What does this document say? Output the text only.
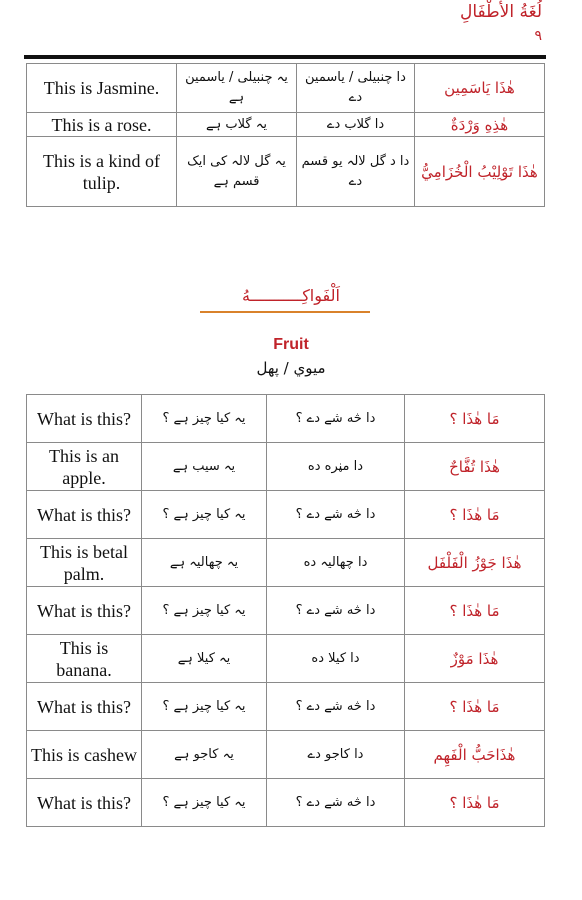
لُغَةُ الأَطْفَالِ
٩
This is Jasmine.	یہ چنبیلی / یاسمین ہے	دا چنبیلی / یاسمین دے	هٰذَا يَاسَمِين
This is a rose.	یہ گلاب ہے	دا گلاب دے	هٰذِهِ وَرْدَةٌ
This is a kind of tulip.	یہ گل لالہ کی ایک قسم ہے	دا د گل لالہ یو قسم دے	هٰذَا تَوْلِيْبُ الْخُزَامِيُّ
اَلْفَواكِـــــــــــهُ
Fruit
میوي / پھل
What is this?	یہ کیا چیز ہے ؟	دا څه شے دے ؟	مَا هٰذَا ؟
This is an apple.	یہ سیب ہے	دا مڼره ده	هٰذَا تُفَّاحٌ
What is this?	یہ کیا چیز ہے ؟	دا څه شے دے ؟	مَا هٰذَا ؟
This is betal palm.	یہ چھالیہ ہے	دا چھالیہ ده	هٰذَا جَوْزُ الْفَلْفَل
What is this?	یہ کیا چیز ہے ؟	دا څه شے دے ؟	مَا هٰذَا ؟
This is banana.	یہ کیلا ہے	دا کیلا ده	هٰذَا مَوْزٌ
What is this?	یہ کیا چیز ہے ؟	دا څه شے دے ؟	مَا هٰذَا ؟
This is cashew	یہ کاجو ہے	دا کاجو دے	هٰذَاحَبُّ الْفَهِم
What is this?	یہ کیا چیز ہے ؟	دا څه شے دے ؟	مَا هٰذَا ؟
